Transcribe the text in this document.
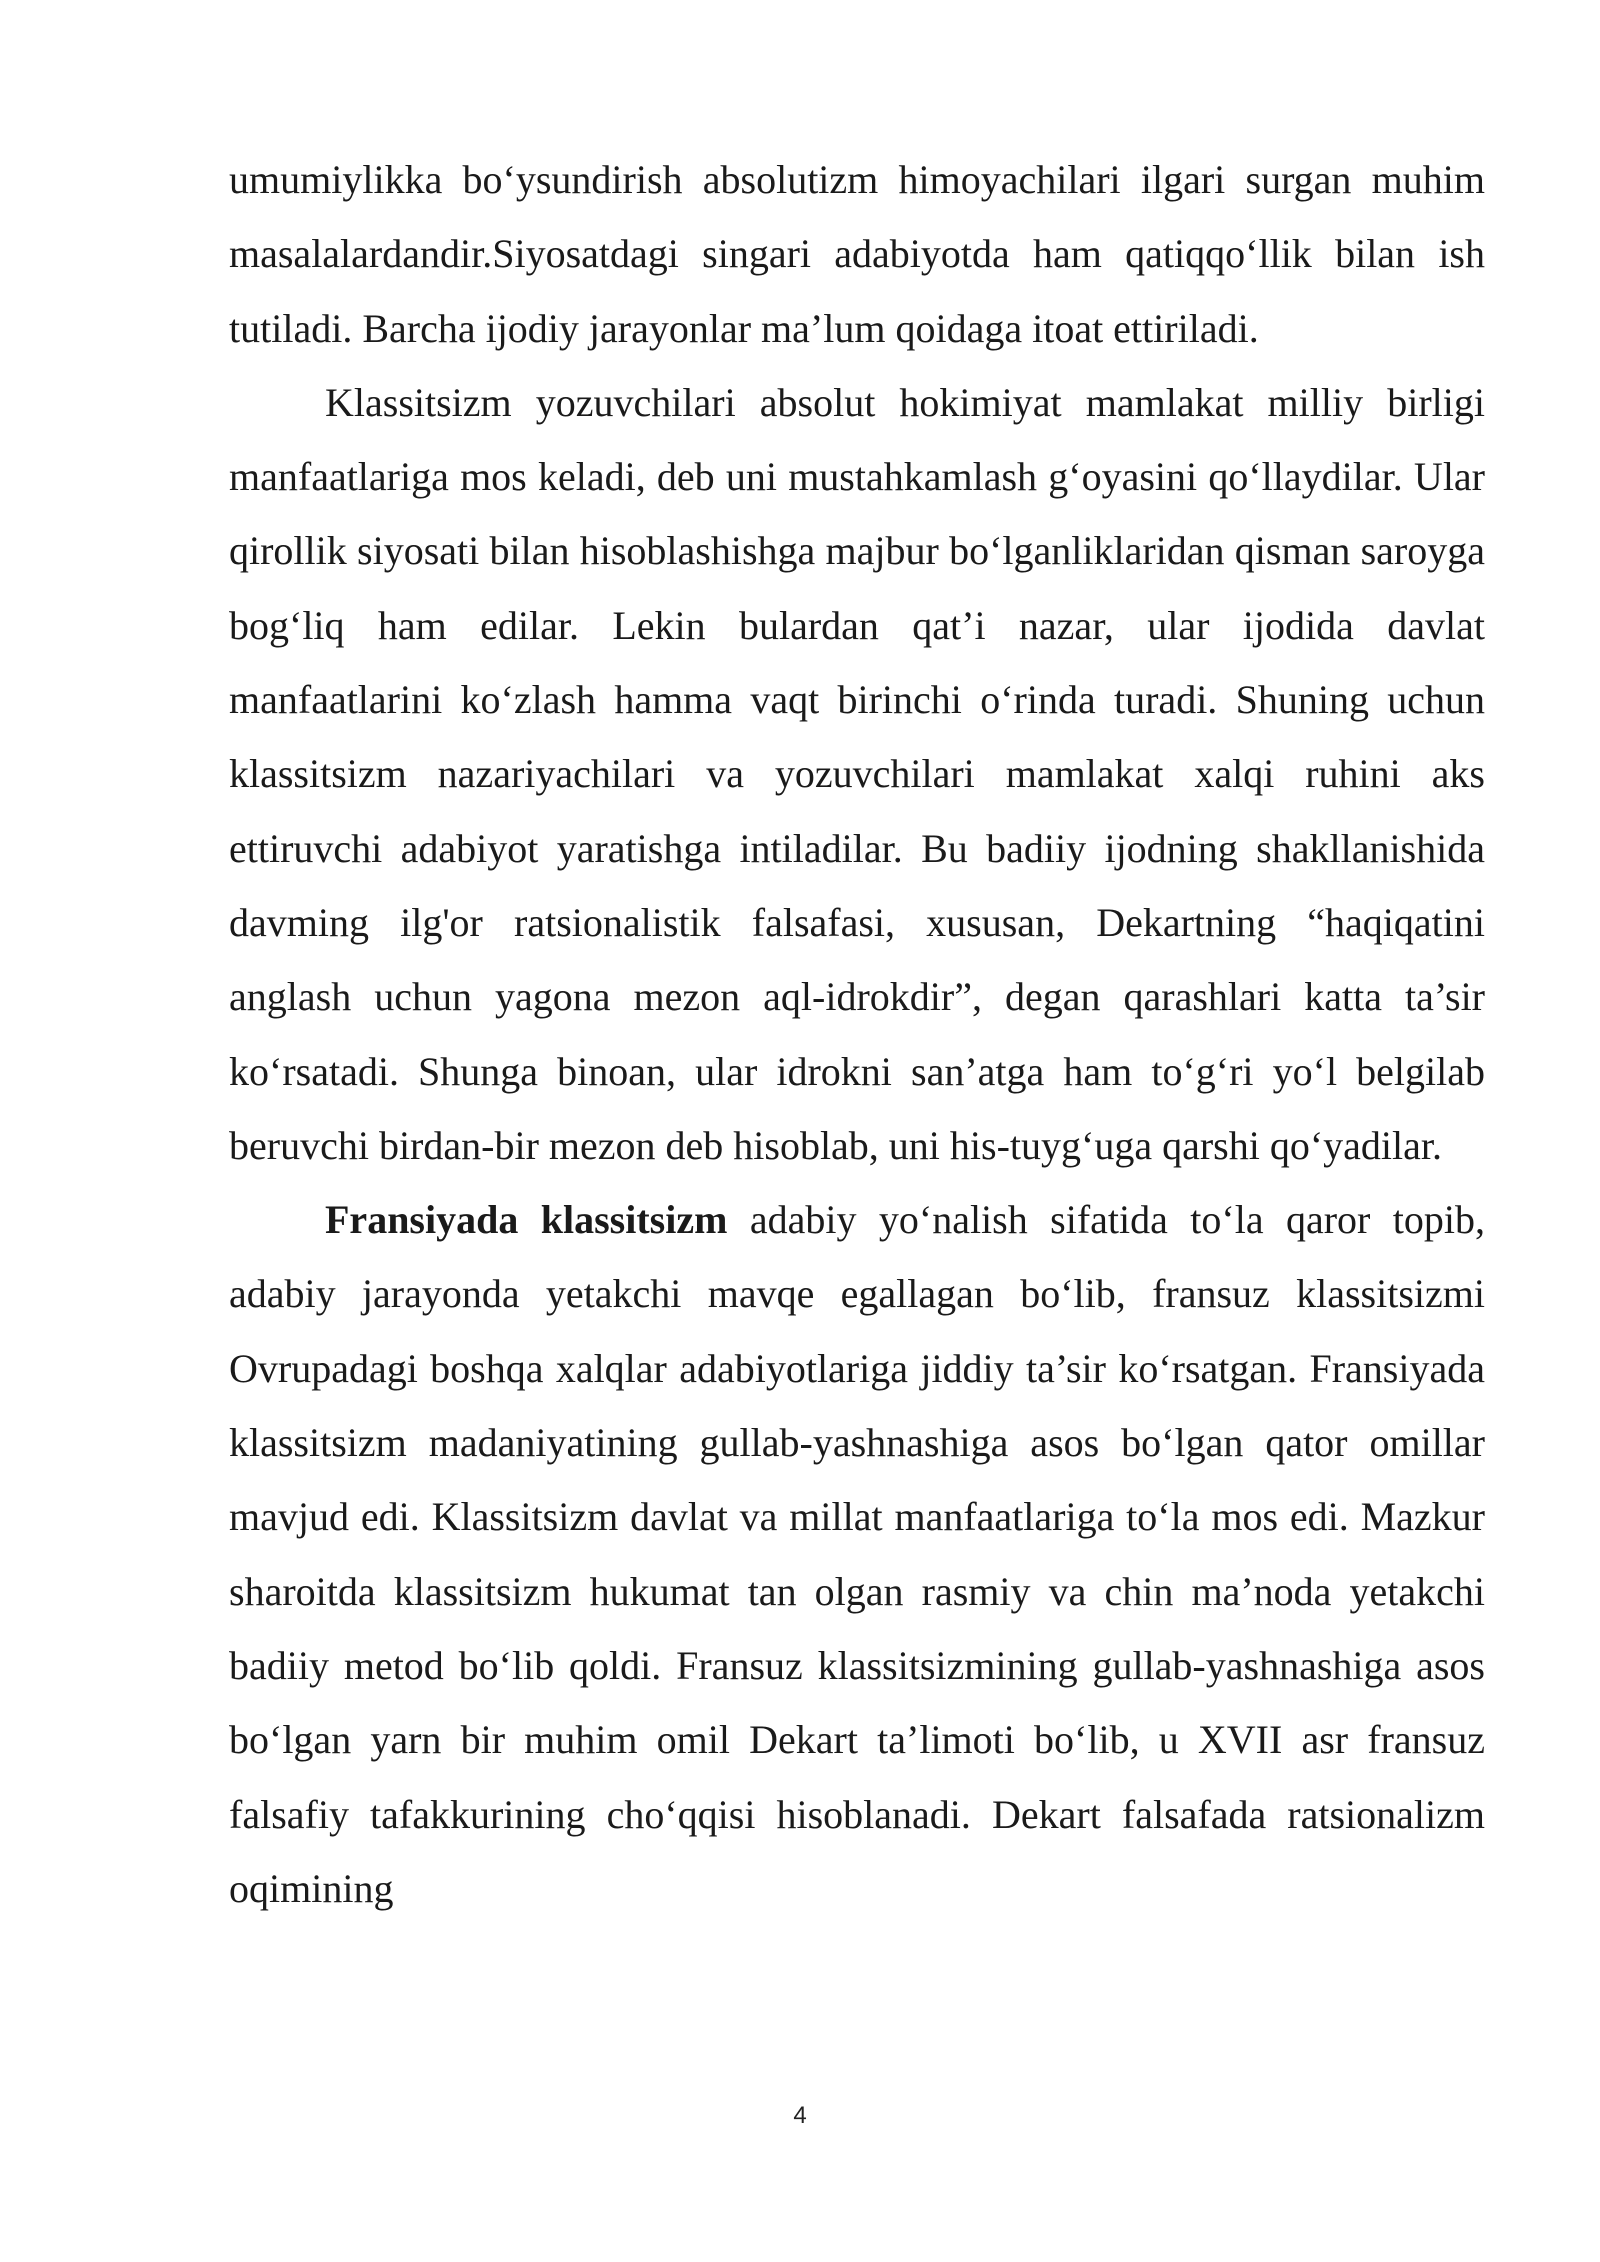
umumiylikka bo‘ysundirish absolutizm himoyachilari ilgari surgan muhim masalalardandir.Siyosatdagi singari adabiyotda ham qatiqqo‘llik bilan ish tutiladi. Barcha ijodiy jarayonlar ma’lum qoidaga itoat ettiriladi.

Klassitsizm yozuvchilari absolut hokimiyat mamlakat milliy birligi manfaatlariga mos keladi, deb uni mustahkamlash g‘oyasini qo‘llaydilar. Ular qirollik siyosati bilan hisoblashishga majbur bo‘lganliklaridan qisman saroyga bog‘liq ham edilar. Lekin bulardan qat’i nazar, ular ijodida davlat manfaatlarini ko‘zlash hamma vaqt birinchi o‘rinda turadi. Shuning uchun klassitsizm nazariyachilari va yozuvchilari mamlakat xalqi ruhini aks ettiruvchi adabiyot yaratishga intiladilar. Bu badiiy ijodning shakllanishida davming ilg'or ratsionalistik falsafasi, xususan, Dekartning “haqiqatini anglash uchun yagona mezon aql-idrokdir”, degan qarashlari katta ta’sir ko‘rsatadi. Shunga binoan, ular idrokni san’atga ham to‘g‘ri yo‘l belgilab beruvchi birdan-bir mezon deb hisoblab, uni his-tuyg‘uga qarshi qo‘yadilar.

Fransiyada klassitsizm adabiy yo‘nalish sifatida to‘la qaror topib, adabiy jarayonda yetakchi mavqe egallagan bo‘lib, fransuz klassitsizmi Ovrupadagi boshqa xalqlar adabiyotlariga jiddiy ta’sir ko‘rsatgan. Fransiyada klassitsizm madaniyatining gullab-yashnashiga asos bo‘lgan qator omillar mavjud edi. Klassitsizm davlat va millat manfaatlariga to‘la mos edi. Mazkur sharoitda klassitsizm hukumat tan olgan rasmiy va chin ma’noda yetakchi badiiy metod bo‘lib qoldi. Fransuz klassitsizmining gullab-yashnashiga asos bo‘lgan yarn bir muhim omil Dekart ta’limoti bo‘lib, u XVII asr fransuz falsafiy tafakkurining cho‘qqisi hisoblanadi. Dekart falsafada ratsionalizm oqimining

4
